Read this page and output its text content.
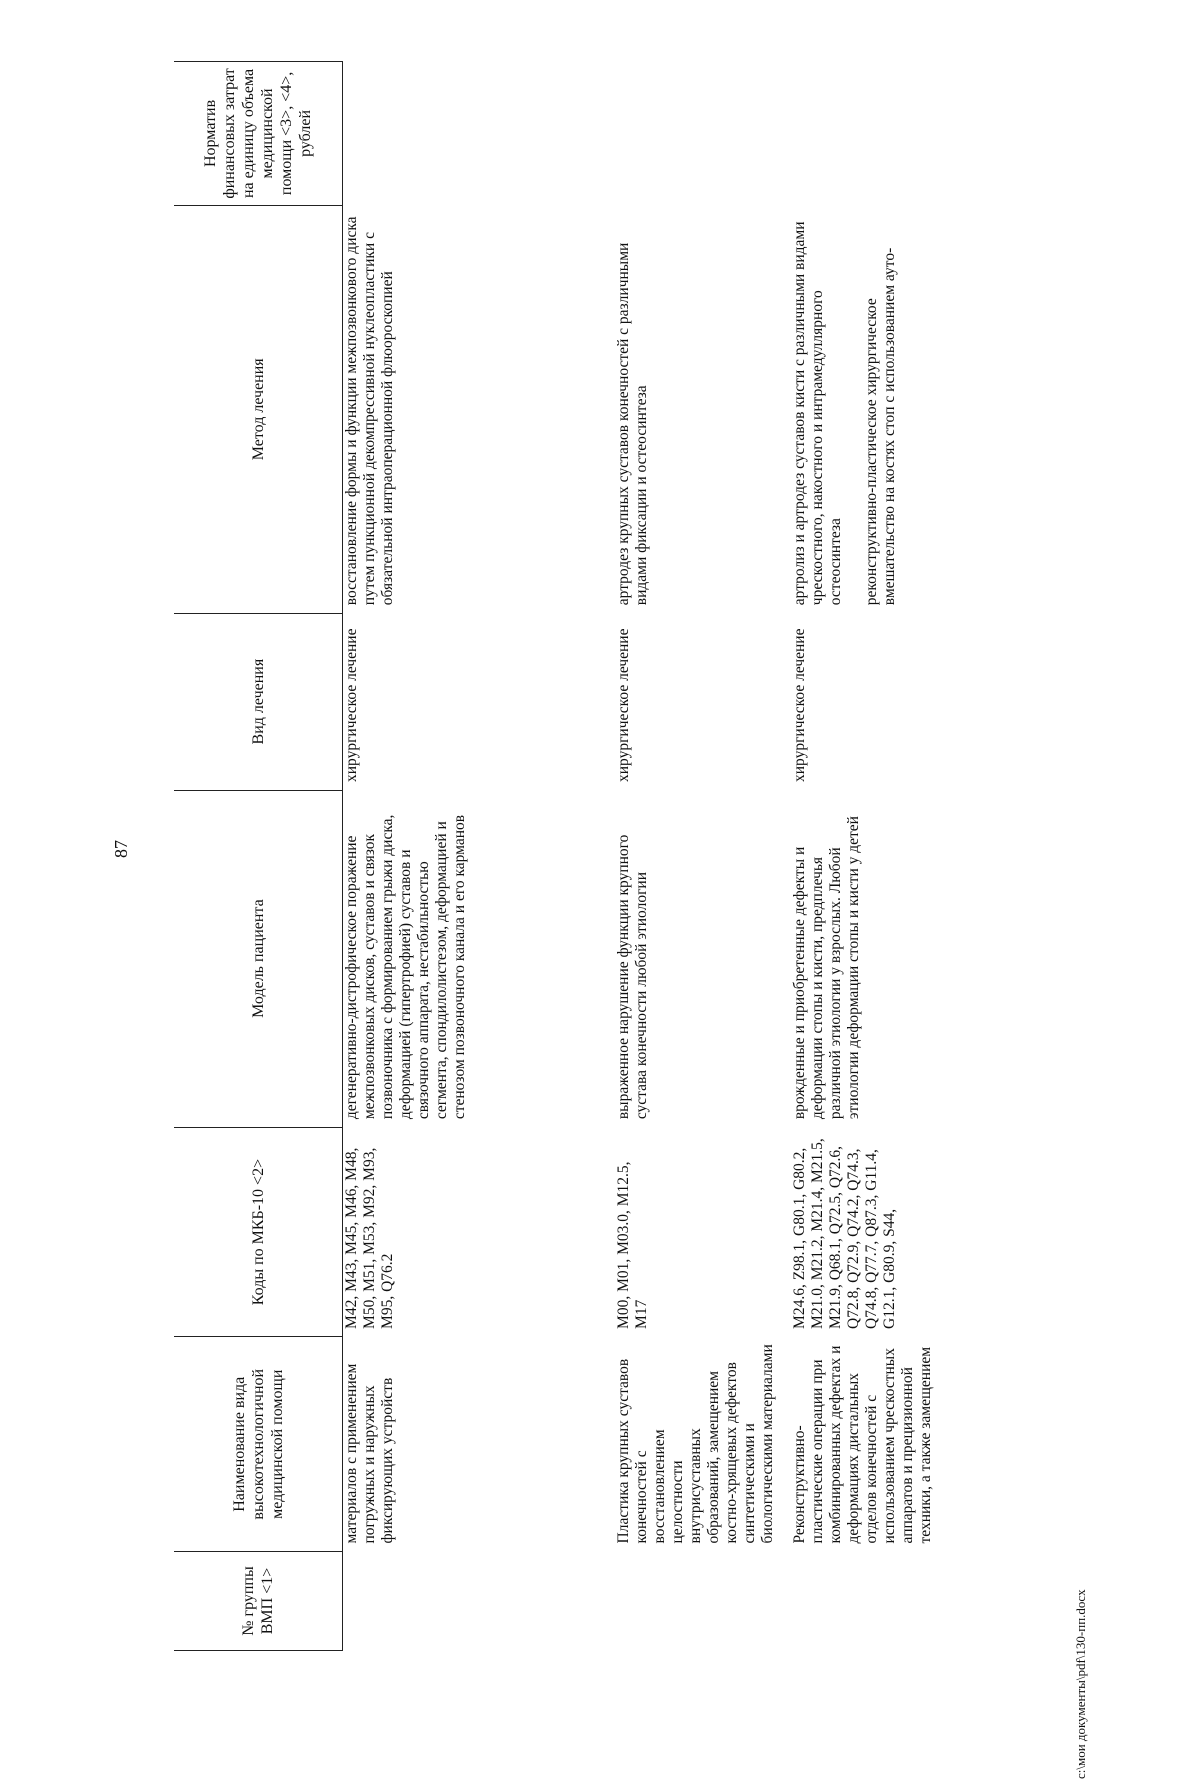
87
№ группы ВМП <1>	Наименование вида высокотехнологичной медицинской помощи	Коды по МКБ-10 <2>	Модель пациента	Вид лечения	Метод лечения	Норматив финансовых затрат на единицу объема медицинской помощи <3>, <4>, рублей
	материалов с применением погружных и наружных фиксирующих устройств	M42, M43, M45, M46, M48, M50, M51, M53, M92, M93, M95, Q76.2	дегенеративно-дистрофическое поражение межпозвонковых дисков, суставов и связок позвоночника с формированием грыжи диска, деформацией (гипертрофией) суставов и связочного аппарата, нестабильностью сегмента, спондилолистезом, деформацией и стенозом позвоночного канала и его карманов	хирургическое лечение	восстановление формы и функции межпозвонкового диска путем пункционной декомпрессивной нуклеопластики с обязательной интраоперационной флюороскопией	

	Пластика крупных суставов конечностей с восстановлением целостности внутрисуставных образований, замещением костно-хрящевых дефектов синтетическими и биологическими материалами	M00, M01, M03.0, M12.5, M17	выраженное нарушение функции крупного сустава конечности любой этиологии	хирургическое лечение	артродез крупных суставов конечностей с различными видами фиксации и остеосинтеза	

	Реконструктивно-пластические операции при комбинированных дефектах и деформациях дистальных отделов конечностей с использованием чрескостных аппаратов и прецизионной техники, а также замещением	M24.6, Z98.1, G80.1, G80.2, M21.0, M21.2, M21.4, M21.5, M21.9, Q68.1, Q72.5, Q72.6, Q72.8, Q72.9, Q74.2, Q74.3, Q74.8, Q77.7, Q87.3, G11.4, G12.1, G80.9, S44,	врожденные и приобретенные дефекты и деформации стопы и кисти, предплечья различной этиологии у взрослых. Любой этиологии деформации стопы и кисти у детей	хирургическое лечение	артролиз и артродез суставов кисти с различными видами чрескостного, накостного и интрамедуллярного остеосинтеза реконструктивно-пластическое хирургическое вмешательство на костях стоп с использованием ауто-	

c:\мои документы\pdf\130-пп.docx
